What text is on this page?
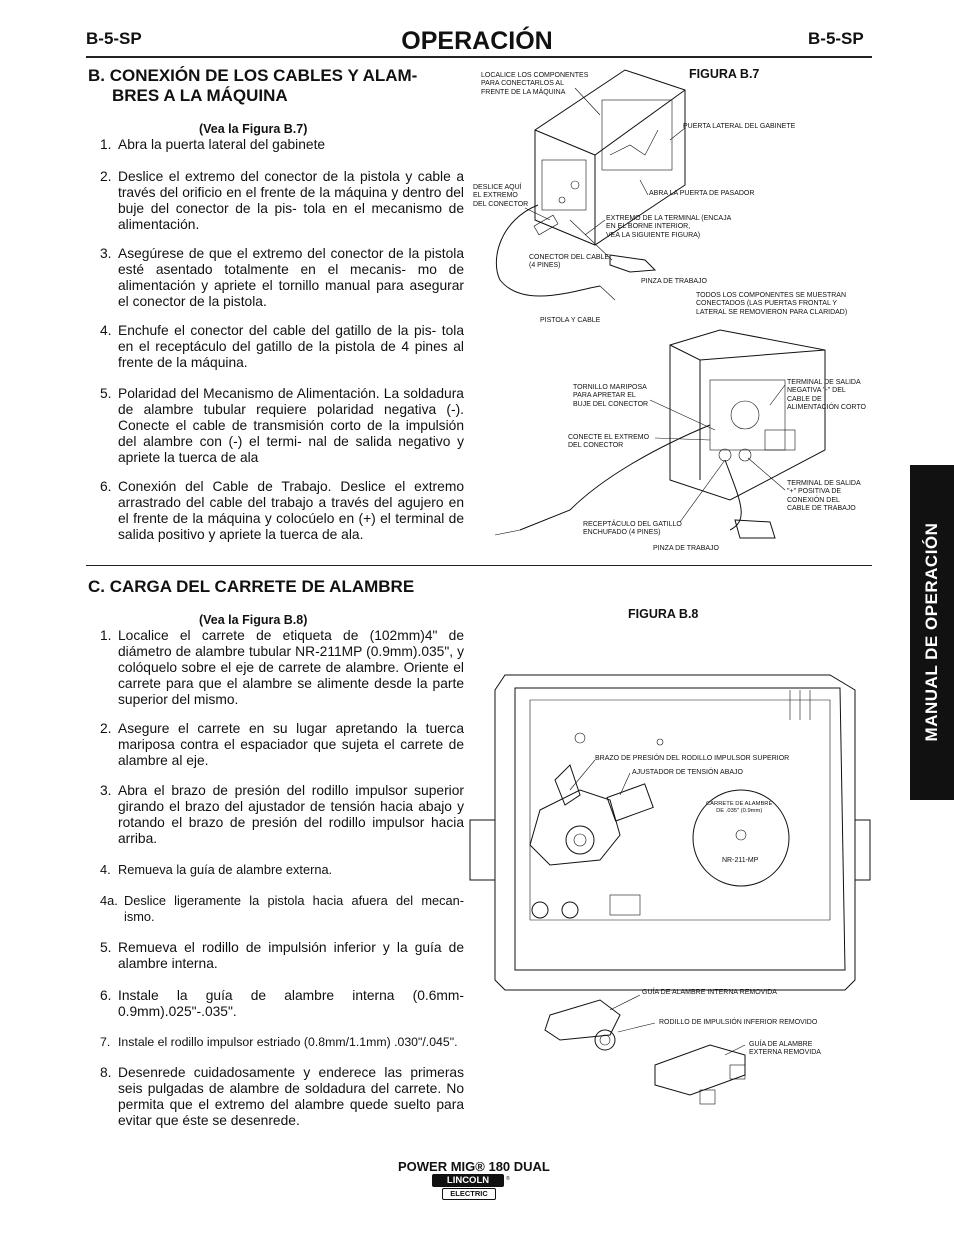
B-5-SP	OPERACIÓN	B-5-SP
B. CONEXIÓN DE LOS CABLES Y ALAM-
BRES A LA MÁQUINA
(Vea la Figura B.7)
1. Abra la puerta lateral del gabinete
2. Deslice el extremo del conector de la pistola y cable a través del orificio en el frente de la máquina y dentro del buje del conector de la pis- tola en el mecanismo de alimentación.
3. Asegúrese de que el extremo del conector de la pistola esté asentado totalmente en el mecanis- mo de alimentación y apriete el tornillo manual para asegurar el conector de la pistola.
4. Enchufe el conector del cable del gatillo de la pis- tola en el receptáculo del gatillo de la pistola de 4 pines al frente de la máquina.
5. Polaridad del Mecanismo de Alimentación. La soldadura de alambre tubular requiere polaridad negativa (-). Conecte el cable de transmisión corto de la impulsión del alambre con (-) el termi- nal de salida negativo y apriete la tuerca de ala
6. Conexión del Cable de Trabajo. Deslice el extremo arrastrado del cable del trabajo a través del agujero en el frente de la máquina y colocúelo en (+) el terminal de salida positivo y apriete la tuerca de ala.
C. CARGA DEL CARRETE DE ALAMBRE
(Vea la Figura B.8)
1. Localice el carrete de etiqueta de (102mm)4" de diámetro de alambre tubular NR-211MP (0.9mm).035", y colóquelo sobre el eje de carrete de alambre. Oriente el carrete para que el alambre se alimente desde la parte superior del mismo.
2. Asegure el carrete en su lugar apretando la tuerca mariposa contra el espaciador que sujeta el carrete de alambre al eje.
3. Abra el brazo de presión del rodillo impulsor superior girando el brazo del ajustador de tensión hacia abajo y rotando el brazo de presión del rodillo impulsor hacia arriba.
4. Remueva la guía de alambre externa.
4a. Deslice ligeramente la pistola hacia afuera del mecan- ismo.
5. Remueva el rodillo de impulsión inferior y la guía de alambre interna.
6. Instale la guía de alambre interna (0.6mm- 0.9mm).025"-.035".
7. Instale el rodillo impulsor estriado (0.8mm/1.1mm) .030"/.045".
8. Desenrede cuidadosamente y enderece las primeras seis pulgadas de alambre de soldadura del carrete. No permita que el extremo del alambre quede suelto para evitar que éste se desenrede.
FIGURA B.7
LOCALICE LOS COMPONENTES
PARA CONECTARLOS AL
FRENTE DE LA MÁQUINA
PUERTA LATERAL DEL GABINETE
DESLICE AQUÍ
EL EXTREMO
DEL CONECTOR
ABRA LA PUERTA DE PASADOR
EXTREMO DE LA TERMINAL (ENCAJA
EN EL BORNE INTERIOR,
VEA LA SIGUIENTE FIGURA)
CONECTOR DEL CABLE
(4 PINES)
PINZA DE TRABAJO
PISTOLA Y CABLE
TODOS LOS COMPONENTES SE MUESTRAN
CONECTADOS (LAS PUERTAS FRONTAL Y
LATERAL SE REMOVIERON PARA CLARIDAD)
TORNILLO MARIPOSA
PARA APRETAR EL
BUJE DEL CONECTOR
TERMINAL DE SALIDA
NEGATIVA "-" DEL
CABLE DE
ALIMENTACIÓN CORTO
CONECTE EL EXTREMO
DEL CONECTOR
TERMINAL DE SALIDA
"+" POSITIVA DE
CONEXIÓN DEL
CABLE DE TRABAJO
RECEPTÁCULO DEL GATILLO
ENCHUFADO (4 PINES)
PINZA DE TRABAJO
FIGURA B.8
BRAZO DE PRESIÓN DEL RODILLO IMPULSOR SUPERIOR
AJUSTADOR DE TENSIÓN ABAJO
CARRETE DE ALAMBRE
DE .035" (0.9mm)
NR-211-MP
GUÍA DE ALAMBRE INTERNA REMOVIDA
RODILLO DE IMPULSIÓN INFERIOR REMOVIDO
GUÍA DE ALAMBRE
EXTERNA REMOVIDA
MANUAL DE OPERACIÓN
POWER MIG® 180 DUAL
LINCOLN	®
ELECTRIC
